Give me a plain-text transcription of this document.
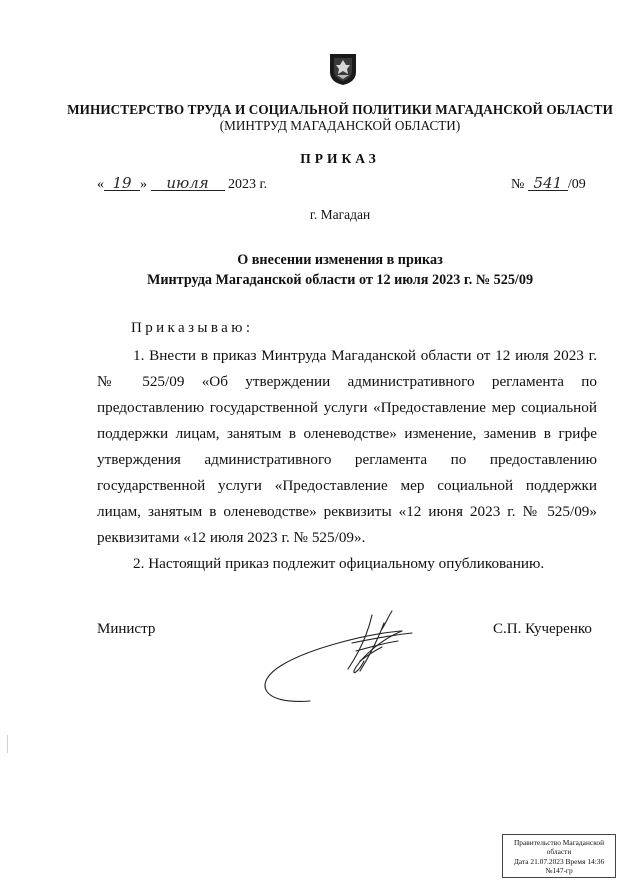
МИНИСТЕРСТВО ТРУДА И СОЦИАЛЬНОЙ ПОЛИТИКИ МАГАДАНСКОЙ ОБЛАСТИ
(МИНТРУД МАГАДАНСКОЙ ОБЛАСТИ)
ПРИКАЗ
« 19 » июля 2023 г.	№ 541 /09
г. Магадан
О внесении изменения в приказ
Минтруда Магаданской области от 12 июля 2023 г. № 525/09
Приказываю:

1. Внести в приказ Минтруда Магаданской области от 12 июля 2023 г. № 525/09 «Об утверждении административного регламента по предоставлению государственной услуги «Предоставление мер социальной поддержки лицам, занятым в оленеводстве» изменение, заменив в грифе утверждения административного регламента по предоставлению государственной услуги «Предоставление мер социальной поддержки лицам, занятым в оленеводстве» реквизиты «12 июня 2023 г. № 525/09» реквизитами «12 июля 2023 г. № 525/09».

2. Настоящий приказ подлежит официальному опубликованию.

Министр	С.П. Кучеренко
Правительство Магаданской
области
Дата 21.07.2023 Время 14:36
№147-гр
